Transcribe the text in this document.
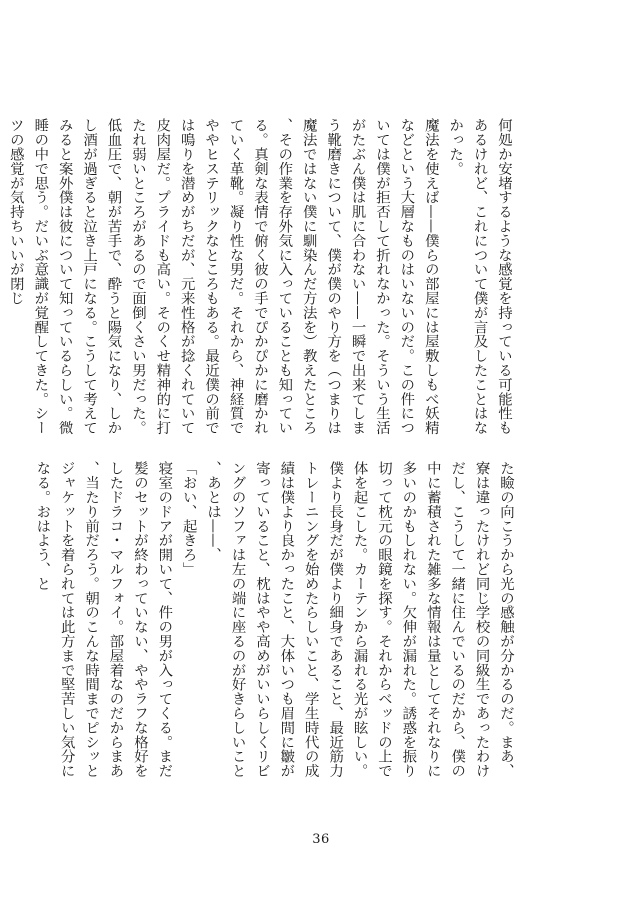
何処か安堵するような感覚を持っている可能性もあるけれど、これについて僕が言及したことはなかった。

魔法を使えば——僕らの部屋には屋敷しもべ妖精などという大層なものはいないのだ。この件については僕が拒否して折れなかった。そういう生活がたぶん僕は肌に合わない——一瞬で出来てしまう靴磨きについて、僕が僕のやり方を（つまりは魔法ではない僕に馴染んだ方法を）教えたところ、その作業を存外気に入っていることも知っている。真剣な表情で俯く彼の手でぴかぴかに磨かれていく革靴。凝り性な男だ。それから、神経質でややヒステリックなところもある。最近僕の前では鳴りを潜めがちだが、元来性格が捻くれていて皮肉屋だ。プライドも高い。そのくせ精神的に打たれ弱いところがあるので面倒くさい男だった。低血圧で、朝が苦手で、酔うと陽気になり、しかし酒が過ぎると泣き上戸になる。こうして考えてみると案外僕は彼について知っているらしい。微睡の中で思う。だいぶ意識が覚醒してきた。シーツの感覚が気持ちいいが閉じ

た瞼の向こうから光の感触が分かるのだ。まあ、寮は違ったけれど同じ学校の同級生であったわけだし、こうして一緒に住んでいるのだから、僕の中に蓄積された雑多な情報は量としてそれなりに多いのかもしれない。欠伸が漏れた。誘惑を振り切って枕元の眼鏡を探す。それからベッドの上で体を起こした。カーテンから漏れる光が眩しい。

僕より長身だが僕より細身であること、最近筋力トレーニングを始めたらしいこと、学生時代の成績は僕より良かったこと、大体いつも眉間に皺が寄っていること、枕はやや高めがいいらしくリビングのソファは左の端に座るのが好きらしいこと、あとは——、

「おい、起きろ」

寝室のドアが開いて、件の男が入ってくる。まだ髪のセットが終わっていない、ややラフな格好をしたドラコ・マルフォイ。部屋着なのだからまあ、当たり前だろう。朝のこんな時間までピシッとジャケットを着られては此方まで堅苦しい気分になる。おはよう、と

36
